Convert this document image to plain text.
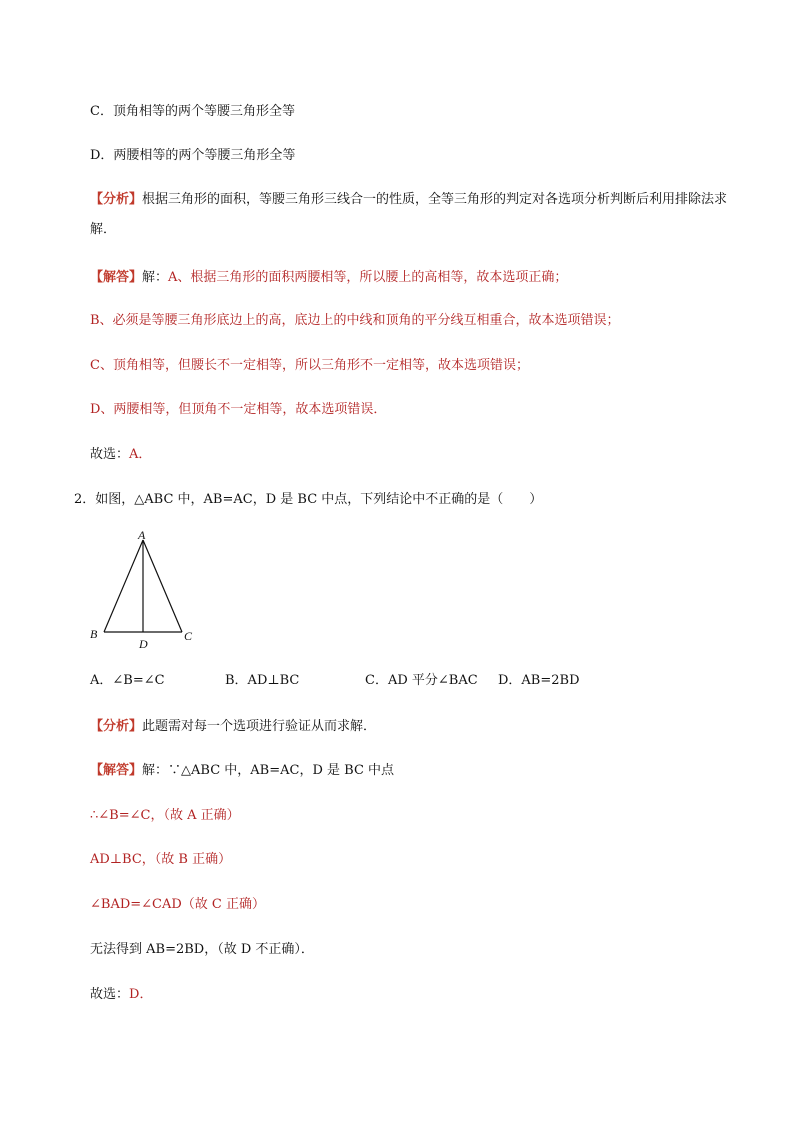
C．顶角相等的两个等腰三角形全等
D．两腰相等的两个等腰三角形全等
【分析】根据三角形的面积，等腰三角形三线合一的性质，全等三角形的判定对各选项分析判断后利用排除法求解．
【解答】解：A、根据三角形的面积两腰相等，所以腰上的高相等，故本选项正确；
B、必须是等腰三角形底边上的高，底边上的中线和顶角的平分线互相重合，故本选项错误；
C、顶角相等，但腰长不一定相等，所以三角形不一定相等，故本选项错误；
D、两腰相等，但顶角不一定相等，故本选项错误．
故选：A．
2．如图，△ABC 中，AB=AC，D 是 BC 中点，下列结论中不正确的是（　　）
A
B	C
D
A．∠B=∠C	B．AD⊥BC	C．AD 平分∠BAC D．AB=2BD
【分析】此题需对每一个选项进行验证从而求解．
【解答】解：∵△ABC 中，AB=AC，D 是 BC 中点
∴∠B=∠C，（故 A 正确）
AD⊥BC，（故 B 正确）
∠BAD=∠CAD（故 C 正确）
无法得到 AB=2BD，（故 D 不正确）．
故选：D．
